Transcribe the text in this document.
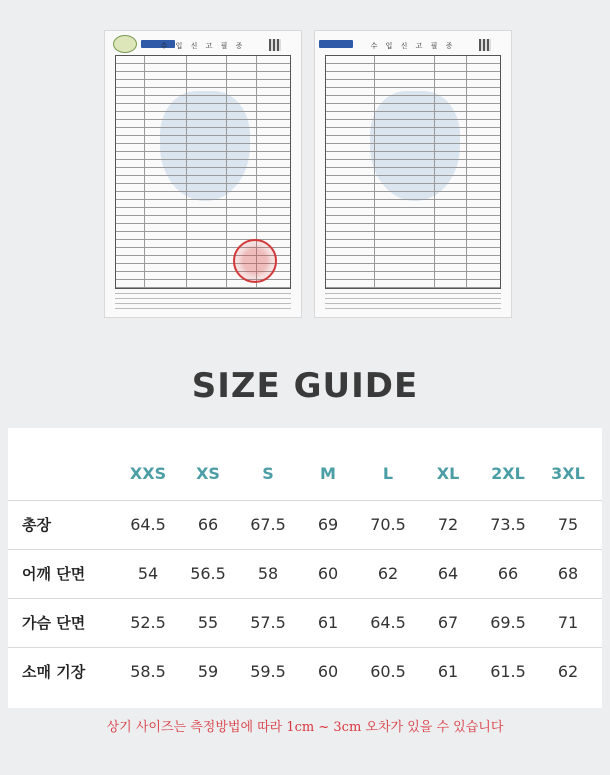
수 입 신 고 필 증	수 입 신 고 필 증
SIZE GUIDE
XXS	XS	S	M	L	XL	2XL	3XL
총장	64.5	66	67.5	69	70.5	72	73.5	75
어깨 단면	54	56.5	58	60	62	64	66	68
가슴 단면	52.5	55	57.5	61	64.5	67	69.5	71
소매 기장	58.5	59	59.5	60	60.5	61	61.5	62
상기 사이즈는 측정방법에 따라 1cm ~ 3cm 오차가 있을 수 있습니다
